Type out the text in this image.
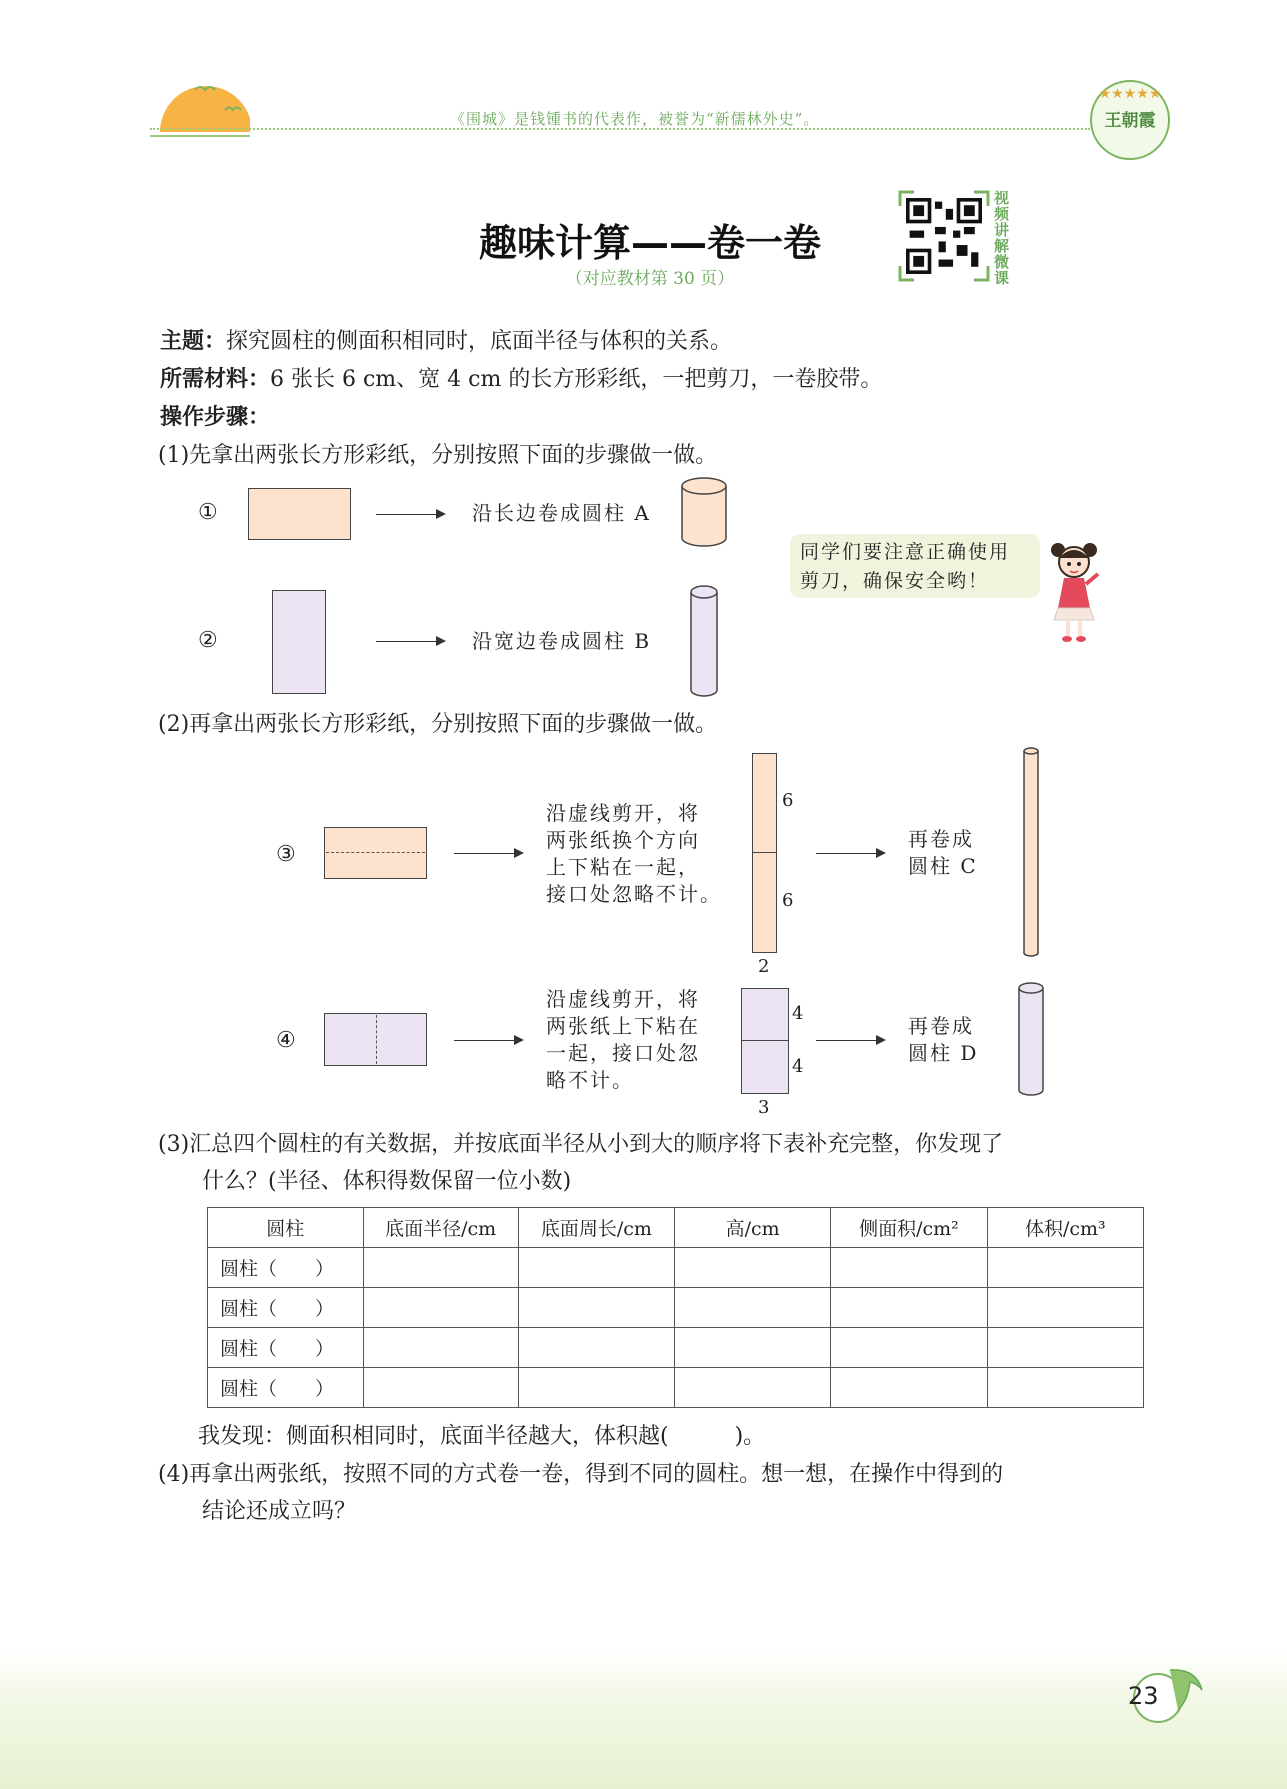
《围城》是钱锺书的代表作，被誉为“新儒林外史”。
★★★★★
王朝霞
趣味计算——卷一卷
（对应教材第 30 页）
视频讲解微课
主题：探究圆柱的侧面积相同时，底面半径与体积的关系。
所需材料：6 张长 6 cm、宽 4 cm 的长方形彩纸，一把剪刀，一卷胶带。
操作步骤：
(1)先拿出两张长方形彩纸，分别按照下面的步骤做一做。
①	沿长边卷成圆柱 A
②	沿宽边卷成圆柱 B
同学们要注意正确使用
剪刀，确保安全哟！
(2)再拿出两张长方形彩纸，分别按照下面的步骤做一做。
③
沿虚线剪开，将
两张纸换个方向
上下粘在一起，
接口处忽略不计。
6
6
2
再卷成
圆柱 C
④
沿虚线剪开，将
两张纸上下粘在
一起，接口处忽
略不计。
4
4
3
再卷成
圆柱 D
(3)汇总四个圆柱的有关数据，并按底面半径从小到大的顺序将下表补充完整，你发现了
什么？(半径、体积得数保留一位小数)
圆柱	底面半径/cm	底面周长/cm	高/cm	侧面积/cm²	体积/cm³
圆柱（　　）					
圆柱（　　）					
圆柱（　　）					
圆柱（　　）					
我发现：侧面积相同时，底面半径越大，体积越(　　　)。
(4)再拿出两张纸，按照不同的方式卷一卷，得到不同的圆柱。想一想，在操作中得到的
结论还成立吗？
23
